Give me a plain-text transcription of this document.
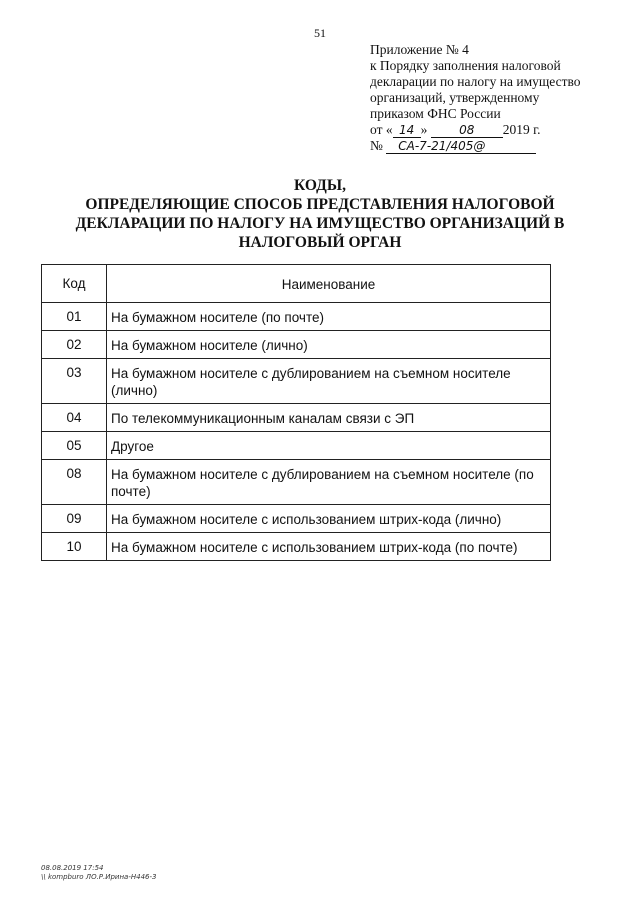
51
Приложение № 4
к Порядку заполнения налоговой
декларации по налогу на имущество
организаций, утвержденному
приказом ФНС России
от « 14 »	08 2019 г.
№ СА-7-21/405@
КОДЫ,
ОПРЕДЕЛЯЮЩИЕ СПОСОБ ПРЕДСТАВЛЕНИЯ НАЛОГОВОЙ
ДЕКЛАРАЦИИ ПО НАЛОГУ НА ИМУЩЕСТВО ОРГАНИЗАЦИЙ В
НАЛОГОВЫЙ ОРГАН
Код	Наименование
01	На бумажном носителе (по почте)
02	На бумажном носителе (лично)
03	На бумажном носителе с дублированием на съемном носителе (лично)
04	По телекоммуникационным каналам связи с ЭП
05	Другое
08	На бумажном носителе с дублированием на съемном носителе (по почте)
09	На бумажном носителе с использованием штрих-кода (лично)
10	На бумажном носителе с использованием штрих-кода (по почте)
08.08.2019 17:54
\\ kompburo ЛО.Р.Ирина-Н446-3
